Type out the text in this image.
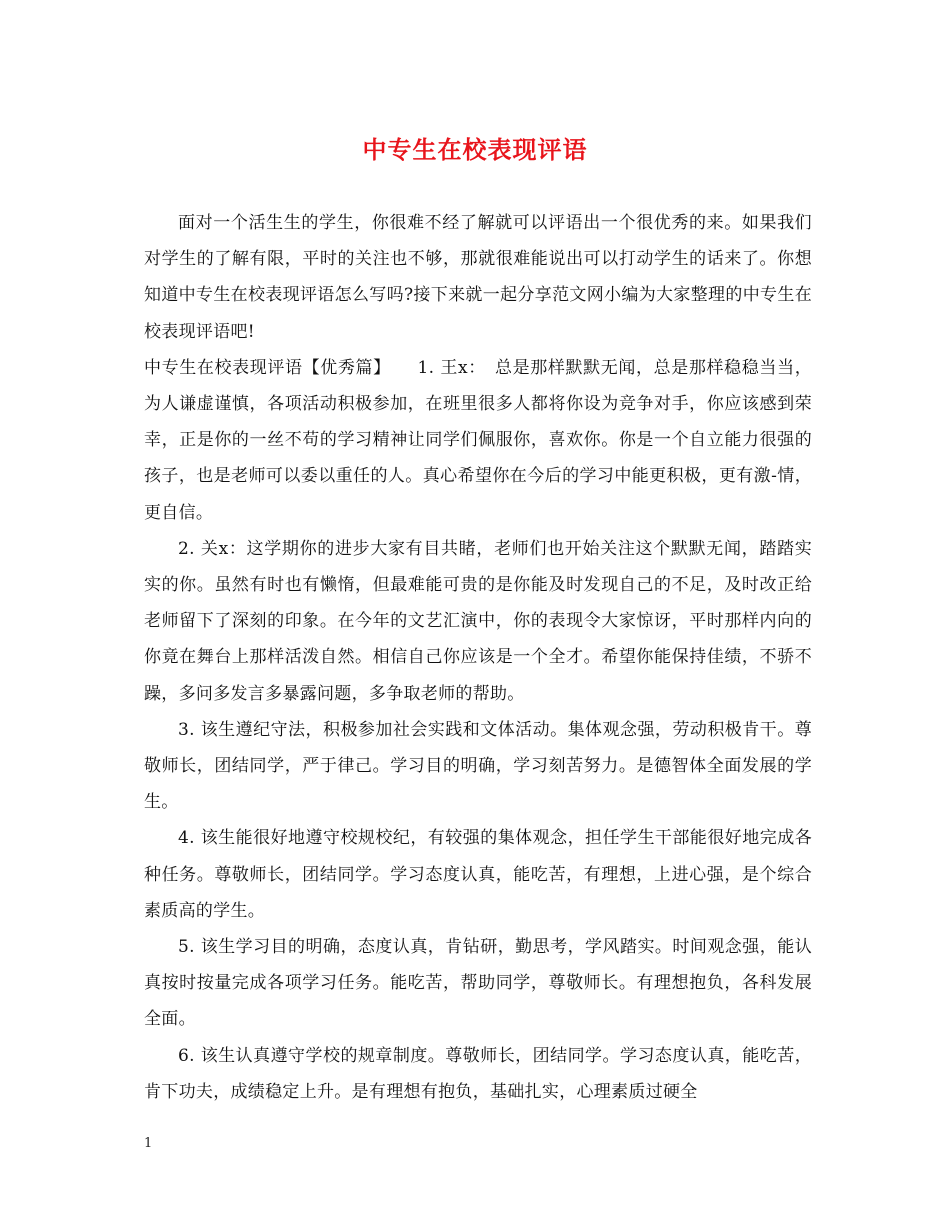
中专生在校表现评语

面对一个活生生的学生，你很难不经了解就可以评语出一个很优秀的来。如果我们对学生的了解有限，平时的关注也不够，那就很难能说出可以打动学生的话来了。你想知道中专生在校表现评语怎么写吗?接下来就一起分享范文网小编为大家整理的中专生在校表现评语吧!

中专生在校表现评语【优秀篇】　　1. 王x：　总是那样默默无闻，总是那样稳稳当当，为人谦虚谨慎，各项活动积极参加，在班里很多人都将你设为竞争对手，你应该感到荣幸，正是你的一丝不苟的学习精神让同学们佩服你，喜欢你。你是一个自立能力很强的孩子，也是老师可以委以重任的人。真心希望你在今后的学习中能更积极，更有激-情，更自信。

2. 关x：这学期你的进步大家有目共睹，老师们也开始关注这个默默无闻，踏踏实实的你。虽然有时也有懒惰，但最难能可贵的是你能及时发现自己的不足，及时改正给老师留下了深刻的印象。在今年的文艺汇演中，你的表现令大家惊讶，平时那样内向的你竟在舞台上那样活泼自然。相信自己你应该是一个全才。希望你能保持佳绩，不骄不躁，多问多发言多暴露问题，多争取老师的帮助。

3. 该生遵纪守法，积极参加社会实践和文体活动。集体观念强，劳动积极肯干。尊敬师长，团结同学，严于律己。学习目的明确，学习刻苦努力。是德智体全面发展的学生。

4. 该生能很好地遵守校规校纪，有较强的集体观念，担任学生干部能很好地完成各种任务。尊敬师长，团结同学。学习态度认真，能吃苦，有理想，上进心强，是个综合素质高的学生。

5. 该生学习目的明确，态度认真，肯钻研，勤思考，学风踏实。时间观念强，能认真按时按量完成各项学习任务。能吃苦，帮助同学，尊敬师长。有理想抱负，各科发展全面。

6. 该生认真遵守学校的规章制度。尊敬师长，团结同学。学习态度认真，能吃苦，肯下功夫，成绩稳定上升。是有理想有抱负，基础扎实，心理素质过硬全

1
